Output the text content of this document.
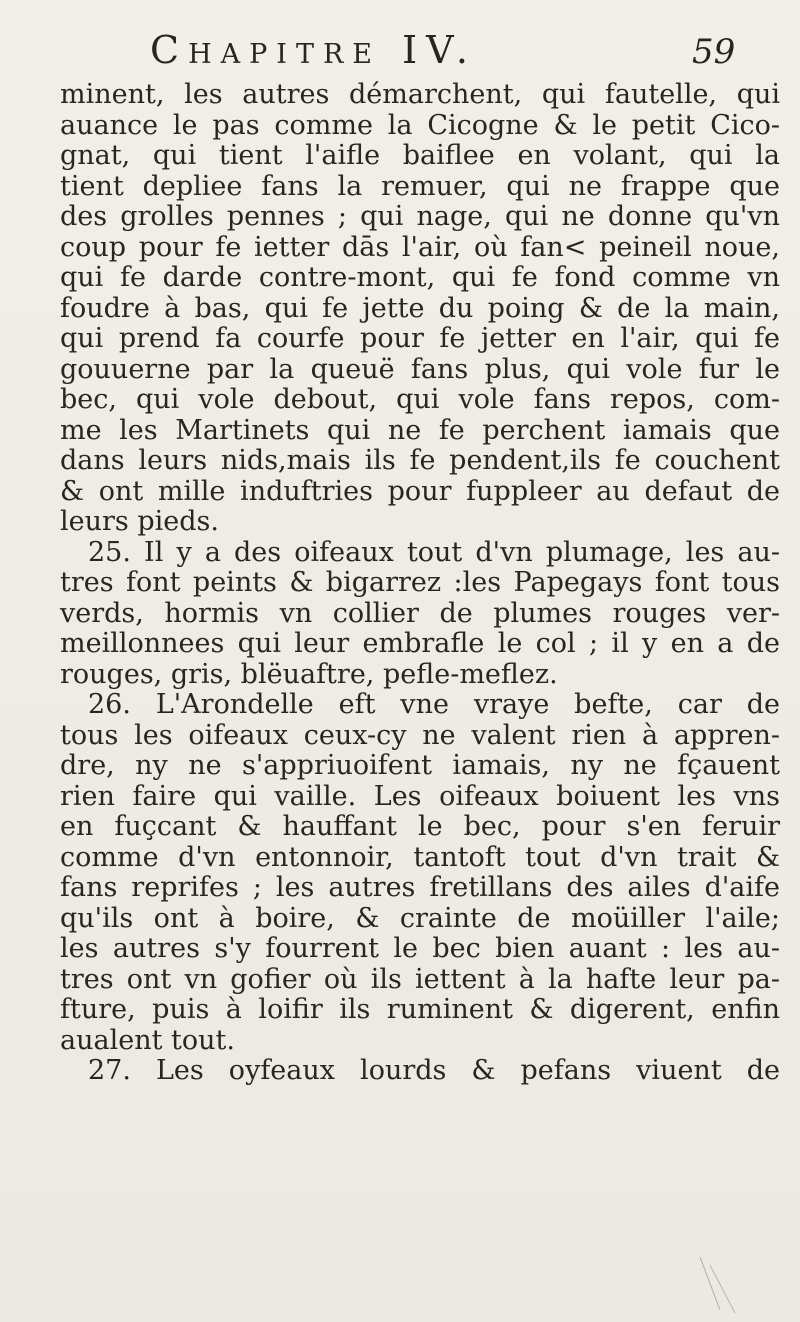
Chapitre IV.	59
minent, les autres démarchent, qui fautelle, qui
auance le pas comme la Cicogne & le petit Cico-
gnat, qui tient l'aifle baiflee en volant, qui la
tient depliee fans la remuer, qui ne frappe que
des grolles pennes ; qui nage, qui ne donne qu'vn
coup pour fe ietter dās l'air, où fan< peineil noue,
qui fe darde contre-mont, qui fe fond comme vn
foudre à bas, qui fe jette du poing & de la main,
qui prend fa courfe pour fe jetter en l'air, qui fe
gouuerne par la queuë fans plus, qui vole fur le
bec, qui vole debout, qui vole fans repos, com-
me les Martinets qui ne fe perchent iamais que
dans leurs nids,mais ils fe pendent,ils fe couchent
& ont mille induftries pour fuppleer au defaut de
leurs pieds.
25. Il y a des oifeaux tout d'vn plumage, les au-
tres font peints & bigarrez :les Papegays font tous
verds, hormis vn collier de plumes rouges ver-
meillonnees qui leur embrafle le col ; il y en a de
rouges, gris, blëuaftre, pefle-meflez.
26. L'Arondelle eft vne vraye befte, car de
tous les oifeaux ceux-cy ne valent rien à appren-
dre, ny ne s'appriuoifent iamais, ny ne fçauent
rien faire qui vaille. Les oifeaux boiuent les vns
en fuçcant & hauffant le bec, pour s'en feruir
comme d'vn entonnoir, tantoft tout d'vn trait &
fans reprifes ; les autres fretillans des ailes d'aife
qu'ils ont à boire, & crainte de moüiller l'aile;
les autres s'y fourrent le bec bien auant : les au-
tres ont vn gofier où ils iettent à la hafte leur pa-
fture, puis à loifir ils ruminent & digerent, enfin
aualent tout.
27. Les oyfeaux lourds & pefans viuent de
